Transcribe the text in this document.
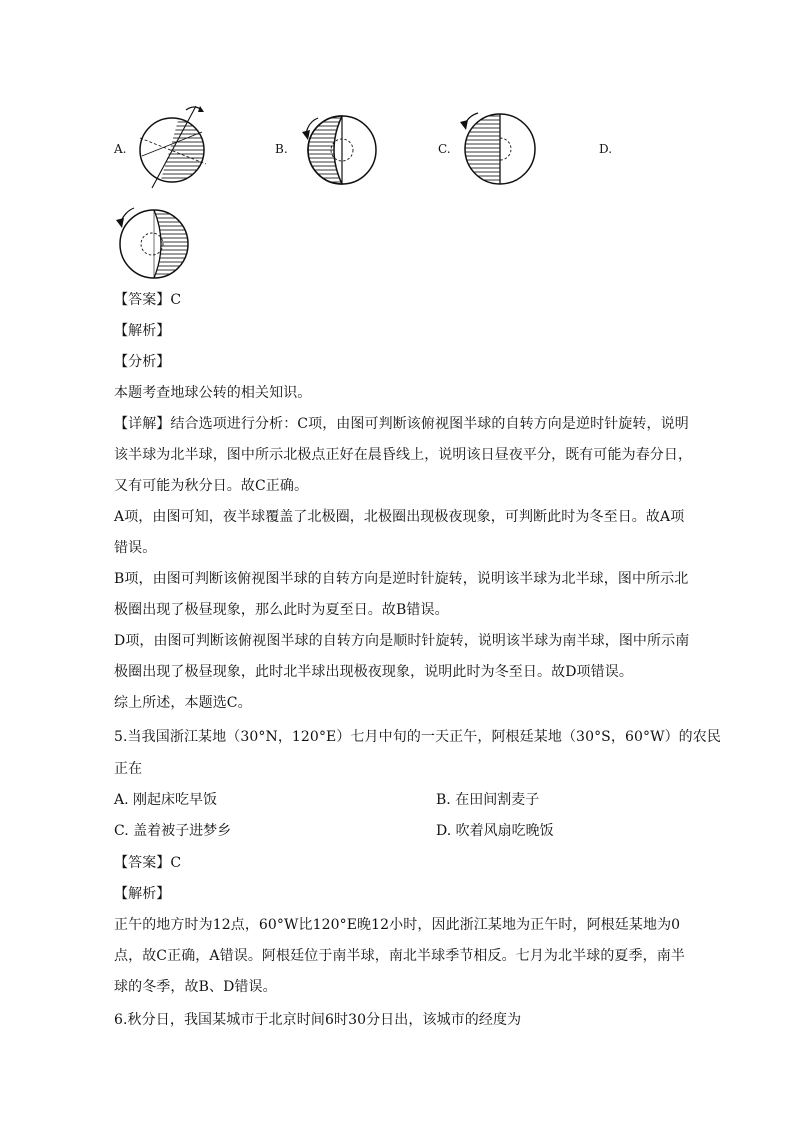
A.	B.	C.	D.
【答案】C
【解析】
【分析】
本题考查地球公转的相关知识。
【详解】结合选项进行分析：C项，由图可判断该俯视图半球的自转方向是逆时针旋转，说明
该半球为北半球，图中所示北极点正好在晨昏线上，说明该日昼夜平分，既有可能为春分日，
又有可能为秋分日。故C正确。
A项，由图可知，夜半球覆盖了北极圈，北极圈出现极夜现象，可判断此时为冬至日。故A项
错误。
B项，由图可判断该俯视图半球的自转方向是逆时针旋转，说明该半球为北半球，图中所示北
极圈出现了极昼现象，那么此时为夏至日。故B错误。
D项，由图可判断该俯视图半球的自转方向是顺时针旋转，说明该半球为南半球，图中所示南
极圈出现了极昼现象，此时北半球出现极夜现象，说明此时为冬至日。故D项错误。
综上所述，本题选C。
5.当我国浙江某地（30°N，120°E）七月中旬的一天正午，阿根廷某地（30°S，60°W）的农民
正在
A. 刚起床吃早饭	B. 在田间割麦子
C. 盖着被子进梦乡	D. 吹着风扇吃晚饭
【答案】C
【解析】
正午的地方时为12点，60°W比120°E晚12小时，因此浙江某地为正午时，阿根廷某地为0
点，故C正确，A错误。阿根廷位于南半球，南北半球季节相反。七月为北半球的夏季，南半
球的冬季，故B、D错误。
6.秋分日，我国某城市于北京时间6时30分日出，该城市的经度为
